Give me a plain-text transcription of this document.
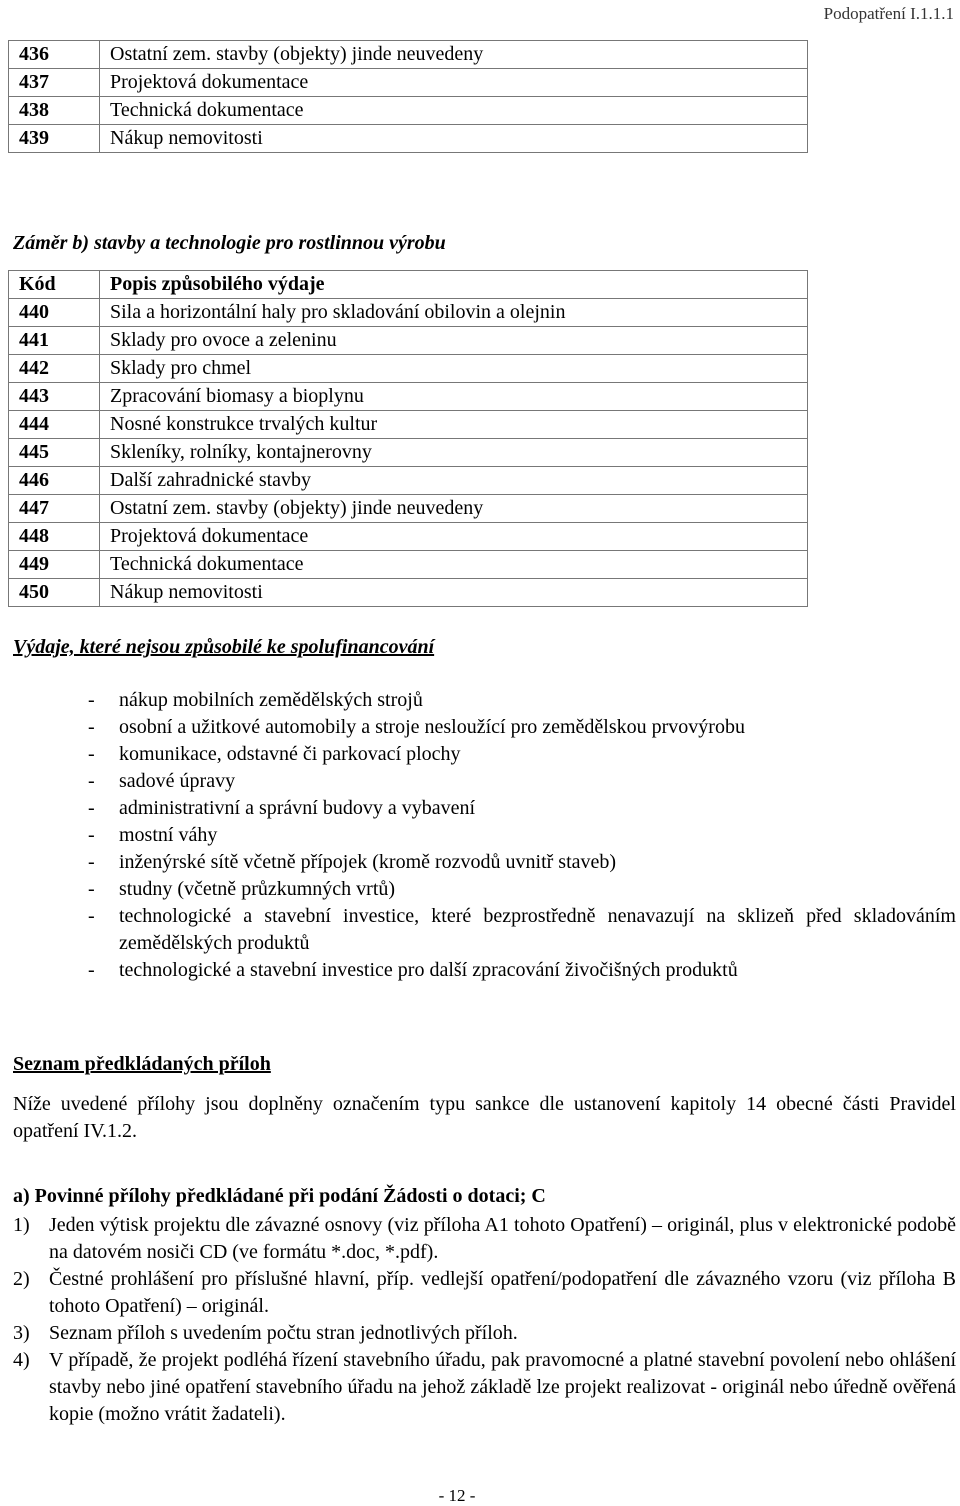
Podopatření I.1.1.1
436	Ostatní zem. stavby (objekty) jinde neuvedeny
437	Projektová dokumentace
438	Technická dokumentace
439	Nákup nemovitosti
Záměr b) stavby a technologie pro rostlinnou výrobu
Kód	Popis způsobilého výdaje
440	Sila a horizontální haly pro skladování obilovin a olejnin
441	Sklady pro ovoce a zeleninu
442	Sklady pro chmel
443	Zpracování biomasy a bioplynu
444	Nosné konstrukce trvalých kultur
445	Skleníky, rolníky, kontajnerovny
446	Další zahradnické stavby
447	Ostatní zem. stavby (objekty) jinde neuvedeny
448	Projektová dokumentace
449	Technická dokumentace
450	Nákup nemovitosti
Výdaje, které nejsou způsobilé ke spolufinancování
- nákup mobilních zemědělských strojů
- osobní a užitkové automobily a stroje nesloužící pro zemědělskou prvovýrobu
- komunikace, odstavné či parkovací plochy
- sadové úpravy
- administrativní a správní budovy a vybavení
- mostní váhy
- inženýrské sítě včetně přípojek (kromě rozvodů uvnitř staveb)
- studny (včetně průzkumných vrtů)
- technologické a stavební investice, které bezprostředně nenavazují na sklizeň před skladováním zemědělských produktů
- technologické a stavební investice pro další zpracování živočišných produktů
Seznam předkládaných příloh
Níže uvedené přílohy jsou doplněny označením typu sankce dle ustanovení kapitoly 14 obecné části Pravidel opatření IV.1.2.
a) Povinné přílohy předkládané při podání Žádosti o dotaci; C
1) Jeden výtisk projektu dle závazné osnovy (viz příloha A1 tohoto Opatření) – originál, plus v elektronické podobě na datovém nosiči CD (ve formátu *.doc, *.pdf).
2) Čestné prohlášení pro příslušné hlavní, příp. vedlejší opatření/podopatření dle závazného vzoru (viz příloha B tohoto Opatření) – originál.
3) Seznam příloh s uvedením počtu stran jednotlivých příloh.
4) V případě, že projekt podléhá řízení stavebního úřadu, pak pravomocné a platné stavební povolení nebo ohlášení stavby nebo jiné opatření stavebního úřadu na jehož základě lze projekt realizovat - originál nebo úředně ověřená kopie (možno vrátit žadateli).
- 12 -
